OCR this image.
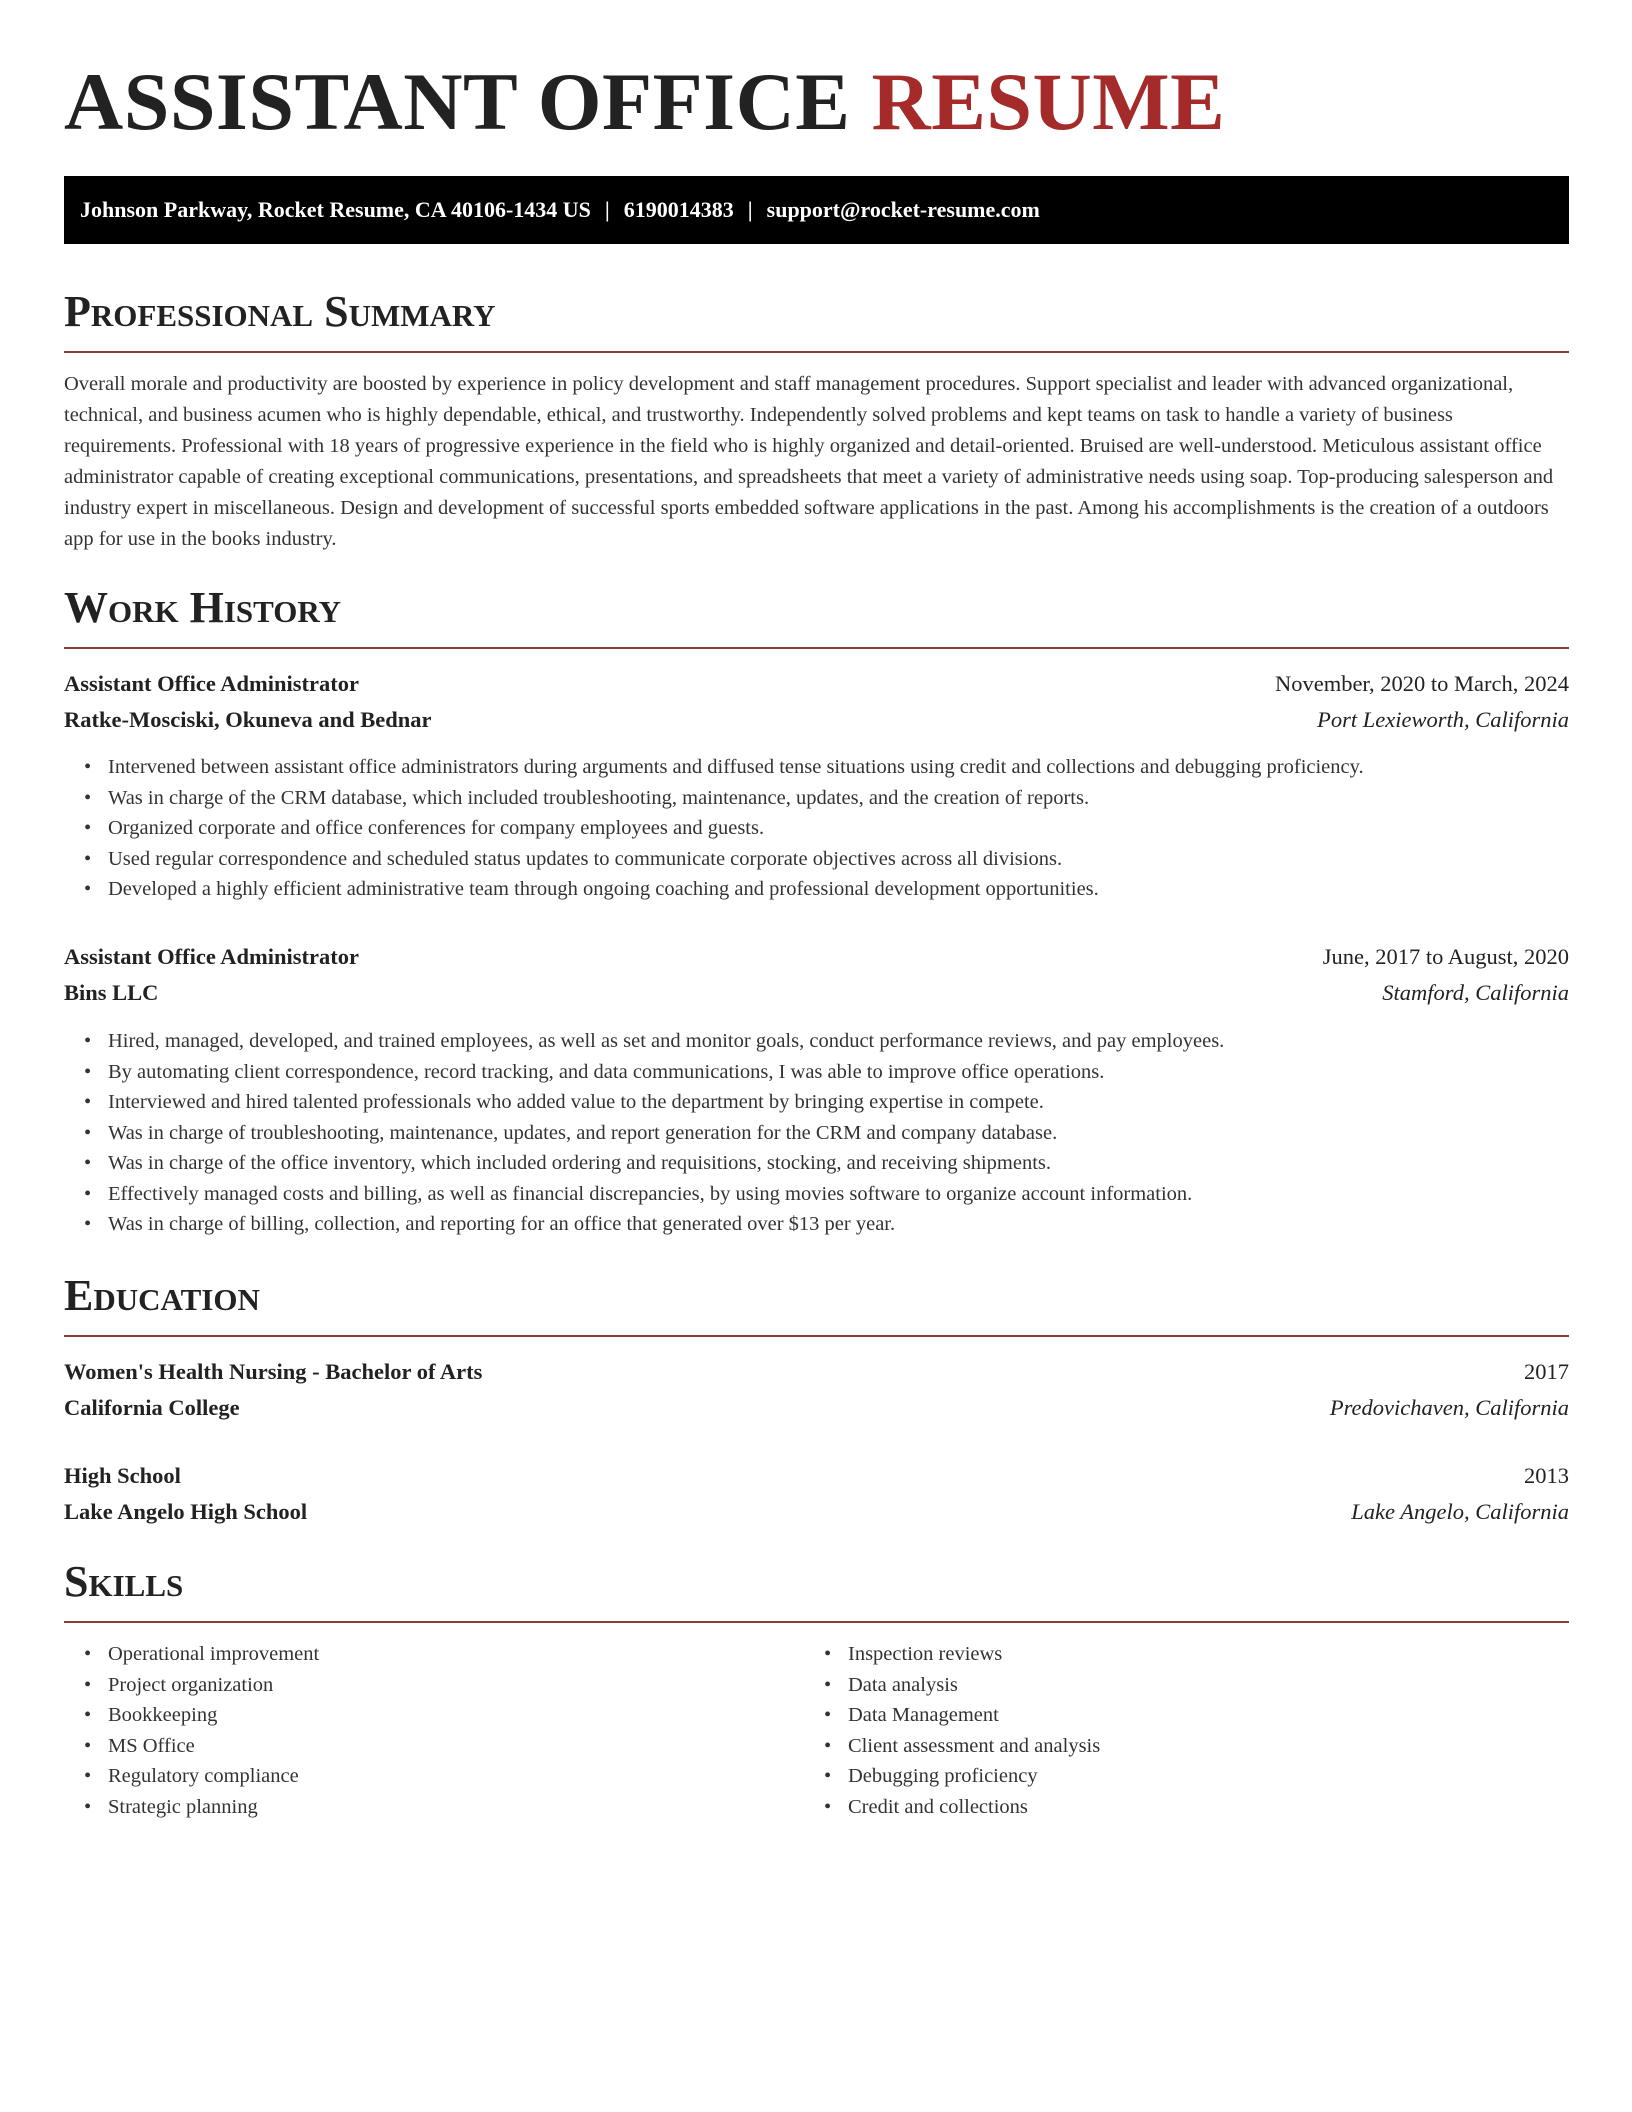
ASSISTANT OFFICE RESUME
Johnson Parkway, Rocket Resume, CA 40106-1434 US | 6190014383 | support@rocket-resume.com
Professional Summary

Overall morale and productivity are boosted by experience in policy development and staff management procedures. Support specialist and leader with advanced organizational, technical, and business acumen who is highly dependable, ethical, and trustworthy. Independently solved problems and kept teams on task to handle a variety of business requirements. Professional with 18 years of progressive experience in the field who is highly organized and detail-oriented. Bruised are well-understood. Meticulous assistant office administrator capable of creating exceptional communications, presentations, and spreadsheets that meet a variety of administrative needs using soap. Top-producing salesperson and industry expert in miscellaneous. Design and development of successful sports embedded software applications in the past. Among his accomplishments is the creation of a outdoors app for use in the books industry.

Work History
Assistant Office Administrator	November, 2020 to March, 2024
Ratke-Mosciski, Okuneva and Bednar	Port Lexieworth, California
• Intervened between assistant office administrators during arguments and diffused tense situations using credit and collections and debugging proficiency.
• Was in charge of the CRM database, which included troubleshooting, maintenance, updates, and the creation of reports.
• Organized corporate and office conferences for company employees and guests.
• Used regular correspondence and scheduled status updates to communicate corporate objectives across all divisions.
• Developed a highly efficient administrative team through ongoing coaching and professional development opportunities.
Assistant Office Administrator	June, 2017 to August, 2020
Bins LLC	Stamford, California
• Hired, managed, developed, and trained employees, as well as set and monitor goals, conduct performance reviews, and pay employees.
• By automating client correspondence, record tracking, and data communications, I was able to improve office operations.
• Interviewed and hired talented professionals who added value to the department by bringing expertise in compete.
• Was in charge of troubleshooting, maintenance, updates, and report generation for the CRM and company database.
• Was in charge of the office inventory, which included ordering and requisitions, stocking, and receiving shipments.
• Effectively managed costs and billing, as well as financial discrepancies, by using movies software to organize account information.
• Was in charge of billing, collection, and reporting for an office that generated over $13 per year.
Education
Women's Health Nursing - Bachelor of Arts	2017
California College	Predovichaven, California
High School	2013
Lake Angelo High School	Lake Angelo, California
Skills
• Operational improvement
• Project organization
• Bookkeeping
• MS Office
• Regulatory compliance
• Strategic planning
• Inspection reviews
• Data analysis
• Data Management
• Client assessment and analysis
• Debugging proficiency
• Credit and collections
